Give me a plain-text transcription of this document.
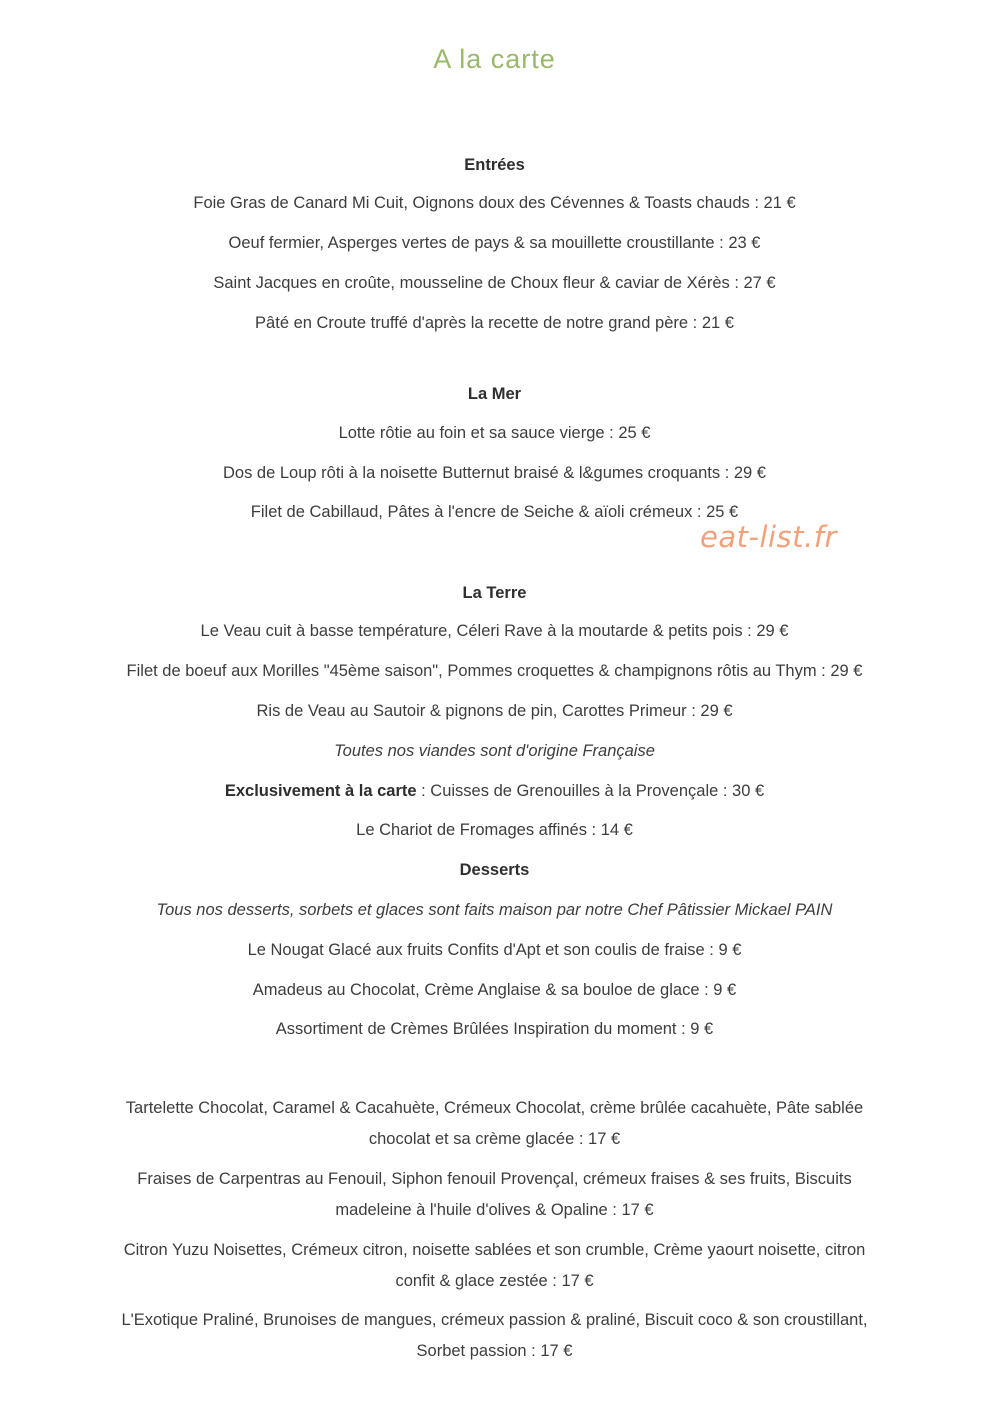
A la carte
Entrées
Foie Gras de Canard Mi Cuit, Oignons doux des Cévennes & Toasts chauds : 21 €
Oeuf fermier, Asperges vertes de pays & sa mouillette croustillante : 23 €
Saint Jacques en croûte, mousseline de Choux fleur & caviar de Xérès : 27 €
Pâté en Croute truffé d'après la recette de notre grand père : 21 €
La Mer
Lotte rôtie au foin et sa sauce vierge : 25 €
Dos de Loup rôti à la noisette Butternut braisé & l&gumes croquants : 29 €
Filet de Cabillaud, Pâtes à l'encre de Seiche & aïoli crémeux : 25 €
eat-list.fr
La Terre
Le Veau cuit à basse température, Céleri Rave à la moutarde & petits pois : 29 €
Filet de boeuf aux Morilles "45ème saison", Pommes croquettes & champignons rôtis au Thym : 29 €
Ris de Veau au Sautoir & pignons de pin, Carottes Primeur : 29 €
Toutes nos viandes sont d'origine Française
Exclusivement à la carte : Cuisses de Grenouilles à la Provençale : 30 €
Le Chariot de Fromages affinés : 14 €
Desserts
Tous nos desserts, sorbets et glaces sont faits maison par notre Chef Pâtissier Mickael PAIN
Le Nougat Glacé aux fruits Confits d'Apt et son coulis de fraise : 9 €
Amadeus au Chocolat, Crème Anglaise & sa bouloe de glace : 9 €
Assortiment de Crèmes Brûlées Inspiration du moment : 9 €
Tartelette Chocolat, Caramel & Cacahuète, Crémeux Chocolat, crème brûlée cacahuète, Pâte sablée
chocolat et sa crème glacée : 17 €
Fraises de Carpentras au Fenouil, Siphon fenouil Provençal, crémeux fraises & ses fruits, Biscuits
madeleine à l'huile d'olives & Opaline : 17 €
Citron Yuzu Noisettes, Crémeux citron, noisette sablées et son crumble, Crème yaourt noisette, citron
confit & glace zestée : 17 €
L'Exotique Praliné, Brunoises de mangues, crémeux passion & praliné, Biscuit coco & son croustillant,
Sorbet passion : 17 €
